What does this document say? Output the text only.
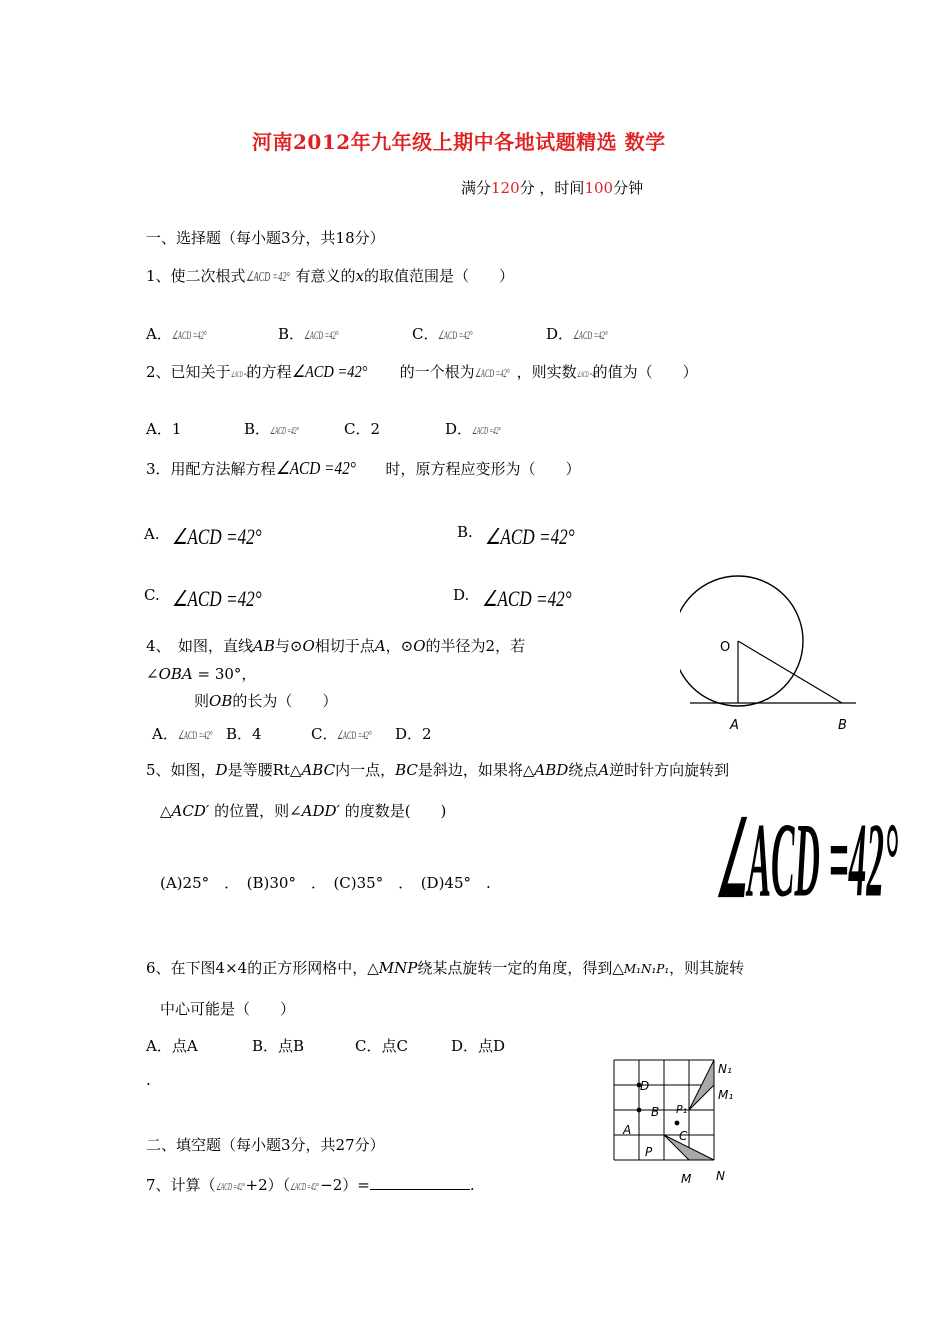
河南2012年九年级上期中各地试题精选 数学
满分120分 ，时间100分钟
一、选择题（每小题3分，共18分）
1、使二次根式∠ACD =42° 有意义的x的取值范围是（　　）
A．∠ACD =42°	B．∠ACD =42°	C．∠ACD =42°	D．∠ACD =42°
2、已知关于∠ACD =42°的方程∠ACD =42° 的一个根为∠ACD =42° ，则实数∠ACD =42°的值为（　　）
A．1	B．∠ACD =42°	C．2	D．∠ACD =42°
3．用配方法解方程∠ACD =42° 时，原方程应变形为（　　）
A. ∠ACD =42°	B. ∠ACD =42°
C. ∠ACD =42°	D. ∠ACD =42°
4、　如图，直线AB与⊙O相切于点A，⊙O的半径为2，若
∠OBA = 30°，
则OB的长为（　　）
A．∠ACD =42° B．4	C．∠ACD =42° D．2
O
A	B
5、如图，D是等腰Rt△ABC内一点，BC是斜边，如果将△ABD绕点A逆时针方向旋转到
△ACD′ 的位置，则∠ADD′ 的度数是(　　)
(A)25°　．　(B)30°　．　(C)35°　．　(D)45°　.	∠ACD =42°
6、在下图4×4的正方形网格中，△MNP绕某点旋转一定的角度，得到△M₁N₁P₁，则其旋转
中心可能是（　　）
A．点A	B．点B	C．点C	D．点D
.
N₁
M₁
D
B P₁
C
A
P
M N
二、填空题（每小题3分，共27分）
7、计算（∠ACD =42°+2）（∠ACD =42°−2）=	.
